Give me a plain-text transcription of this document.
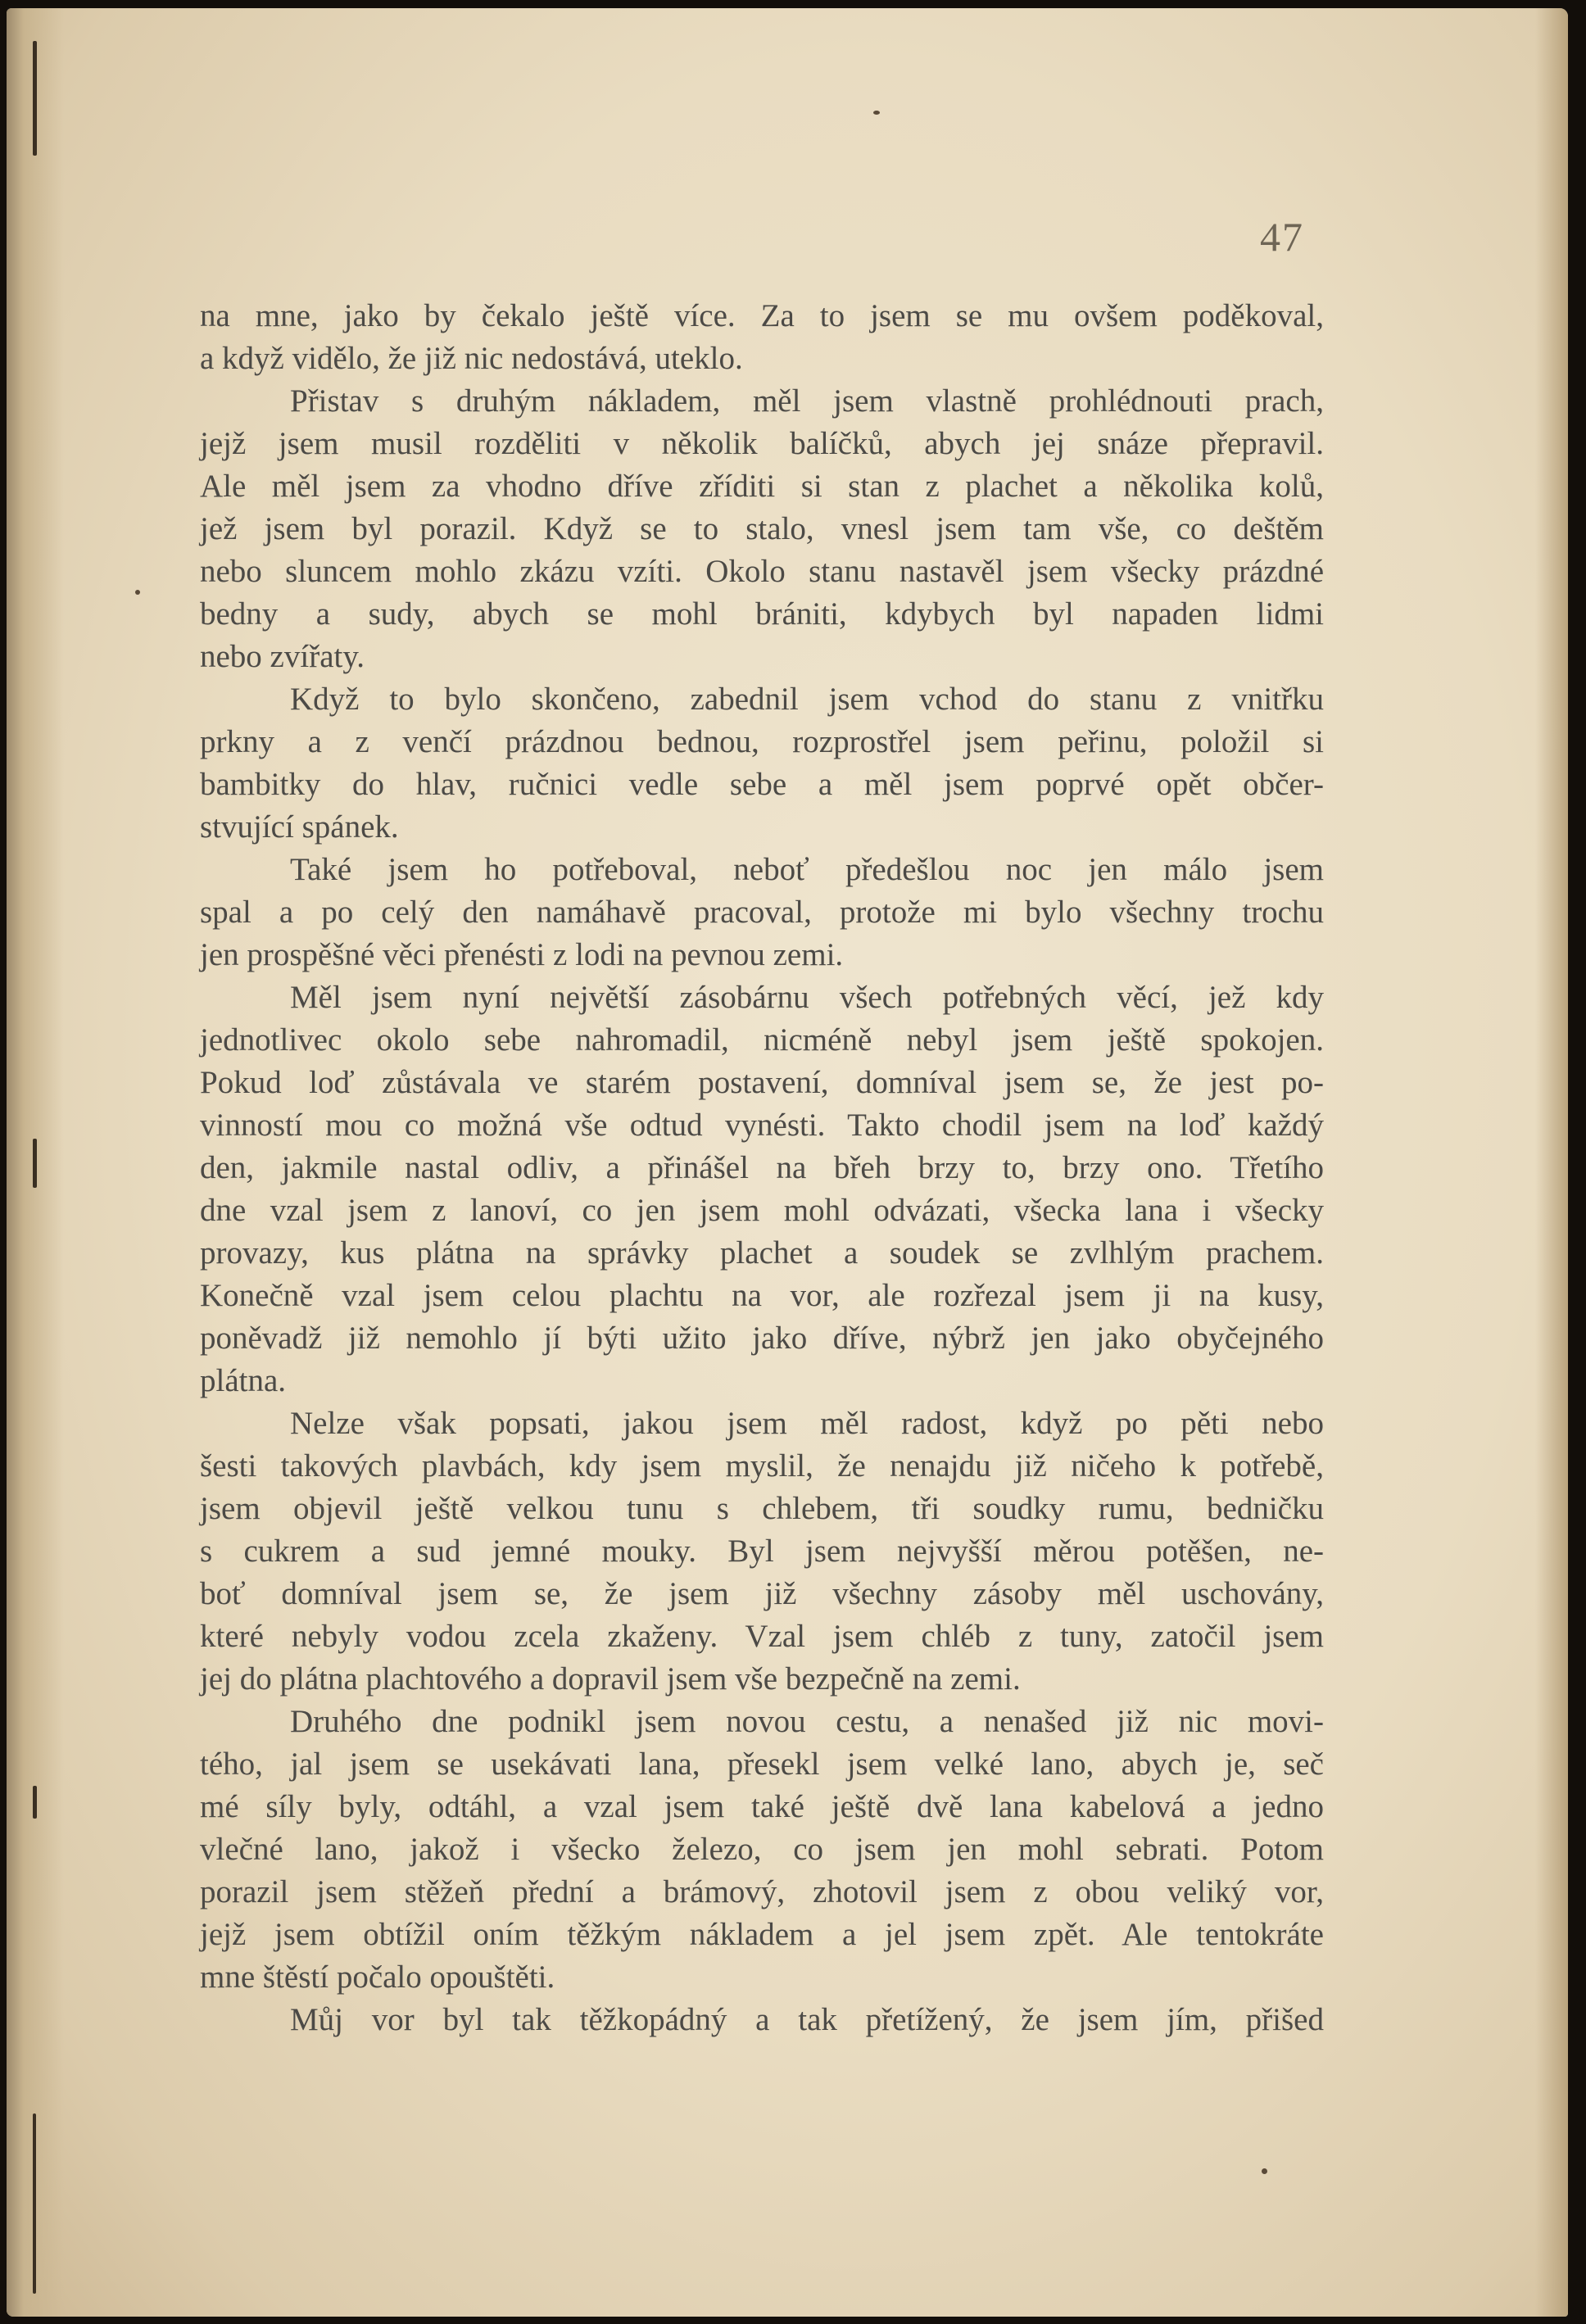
47
na mne, jako by čekalo ještě více. Za to jsem se mu ovšem poděkoval,
a když vidělo, že již nic nedostává, uteklo.
Přistav s druhým nákladem, měl jsem vlastně prohlédnouti prach,
jejž jsem musil rozděliti v několik balíčků, abych jej snáze přepravil.
Ale měl jsem za vhodno dříve zříditi si stan z plachet a několika kolů,
jež jsem byl porazil. Když se to stalo, vnesl jsem tam vše, co deštěm
nebo sluncem mohlo zkázu vzíti. Okolo stanu nastavěl jsem všecky prázdné
bedny a sudy, abych se mohl brániti, kdybych byl napaden lidmi
nebo zvířaty.
Když to bylo skončeno, zabednil jsem vchod do stanu z vnitřku
prkny a z venčí prázdnou bednou, rozprostřel jsem peřinu, položil si
bambitky do hlav, ručnici vedle sebe a měl jsem poprvé opět občer-
stvující spánek.
Také jsem ho potřeboval, neboť předešlou noc jen málo jsem
spal a po celý den namáhavě pracoval, protože mi bylo všechny trochu
jen prospěšné věci přenésti z lodi na pevnou zemi.
Měl jsem nyní největší zásobárnu všech potřebných věcí, jež kdy
jednotlivec okolo sebe nahromadil, nicméně nebyl jsem ještě spokojen.
Pokud loď zůstávala ve starém postavení, domníval jsem se, že jest po-
vinností mou co možná vše odtud vynésti. Takto chodil jsem na loď každý
den, jakmile nastal odliv, a přinášel na břeh brzy to, brzy ono. Třetího
dne vzal jsem z lanoví, co jen jsem mohl odvázati, všecka lana i všecky
provazy, kus plátna na správky plachet a soudek se zvlhlým prachem.
Konečně vzal jsem celou plachtu na vor, ale rozřezal jsem ji na kusy,
poněvadž již nemohlo jí býti užito jako dříve, nýbrž jen jako obyčejného
plátna.
Nelze však popsati, jakou jsem měl radost, když po pěti nebo
šesti takových plavbách, kdy jsem myslil, že nenajdu již ničeho k potřebě,
jsem objevil ještě velkou tunu s chlebem, tři soudky rumu, bedničku
s cukrem a sud jemné mouky. Byl jsem nejvyšší měrou potěšen, ne-
boť domníval jsem se, že jsem již všechny zásoby měl uschovány,
které nebyly vodou zcela zkaženy. Vzal jsem chléb z tuny, zatočil jsem
jej do plátna plachtového a dopravil jsem vše bezpečně na zemi.
Druhého dne podnikl jsem novou cestu, a nenašed již nic movi-
tého, jal jsem se usekávati lana, přesekl jsem velké lano, abych je, seč
mé síly byly, odtáhl, a vzal jsem také ještě dvě lana kabelová a jedno
vlečné lano, jakož i všecko železo, co jsem jen mohl sebrati. Potom
porazil jsem stěžeň přední a brámový, zhotovil jsem z obou veliký vor,
jejž jsem obtížil oním těžkým nákladem a jel jsem zpět. Ale tentokráte
mne štěstí počalo opouštěti.
Můj vor byl tak těžkopádný a tak přetížený, že jsem jím, přišed
